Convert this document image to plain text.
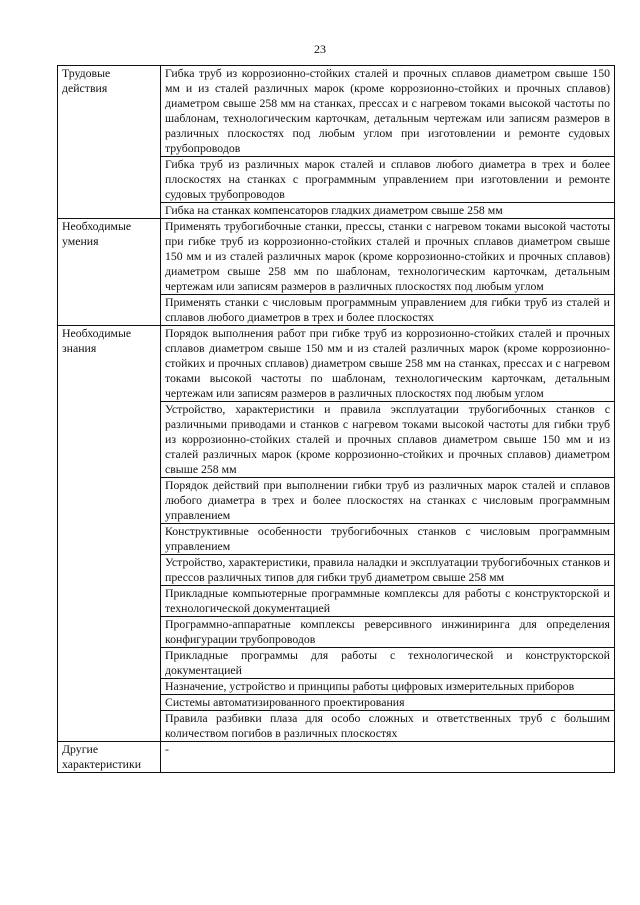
23
Трудовые действия	Гибка труб из коррозионно-стойких сталей и прочных сплавов диаметром свыше 150 мм и из сталей различных марок (кроме коррозионно-стойких и прочных сплавов) диаметром свыше 258 мм на станках, прессах и с нагревом токами высокой частоты по шаблонам, технологическим карточкам, детальным чертежам или записям размеров в различных плоскостях под любым углом при изготовлении и ремонте судовых трубопроводов
	Гибка труб из различных марок сталей и сплавов любого диаметра в трех и более плоскостях на станках с программным управлением при изготовлении и ремонте судовых трубопроводов
	Гибка на станках компенсаторов гладких диаметром свыше 258 мм
Необходимые умения	Применять трубогибочные станки, прессы, станки с нагревом токами высокой частоты при гибке труб из коррозионно-стойких сталей и прочных сплавов диаметром свыше 150 мм и из сталей различных марок (кроме коррозионно-стойких и прочных сплавов) диаметром свыше 258 мм по шаблонам, технологическим карточкам, детальным чертежам или записям размеров в различных плоскостях под любым углом
	Применять станки с числовым программным управлением для гибки труб из сталей и сплавов любого диаметров в трех и более плоскостях
Необходимые знания	Порядок выполнения работ при гибке труб из коррозионно-стойких сталей и прочных сплавов диаметром свыше 150 мм и из сталей различных марок (кроме коррозионно-стойких и прочных сплавов) диаметром свыше 258 мм на станках, прессах и с нагревом токами высокой частоты по шаблонам, технологическим карточкам, детальным чертежам или записям размеров в различных плоскостях под любым углом
	Устройство, характеристики и правила эксплуатации трубогибочных станков с различными приводами и станков с нагревом токами высокой частоты для гибки труб из коррозионно-стойких сталей и прочных сплавов диаметром свыше 150 мм и из сталей различных марок (кроме коррозионно-стойких и прочных сплавов) диаметром свыше 258 мм
	Порядок действий при выполнении гибки труб из различных марок сталей и сплавов любого диаметра в трех и более плоскостях на станках с числовым программным управлением
	Конструктивные особенности трубогибочных станков с числовым программным управлением
	Устройство, характеристики, правила наладки и эксплуатации трубогибочных станков и прессов различных типов для гибки труб диаметром свыше 258 мм
	Прикладные компьютерные программные комплексы для работы с конструкторской и технологической документацией
	Программно-аппаратные комплексы реверсивного инжиниринга для определения конфигурации трубопроводов
	Прикладные программы для работы с технологической и конструкторской документацией
	Назначение, устройство и принципы работы цифровых измерительных приборов
	Системы автоматизированного проектирования
	Правила разбивки плаза для особо сложных и ответственных труб с большим количеством погибов в различных плоскостях
Другие характеристики	-
